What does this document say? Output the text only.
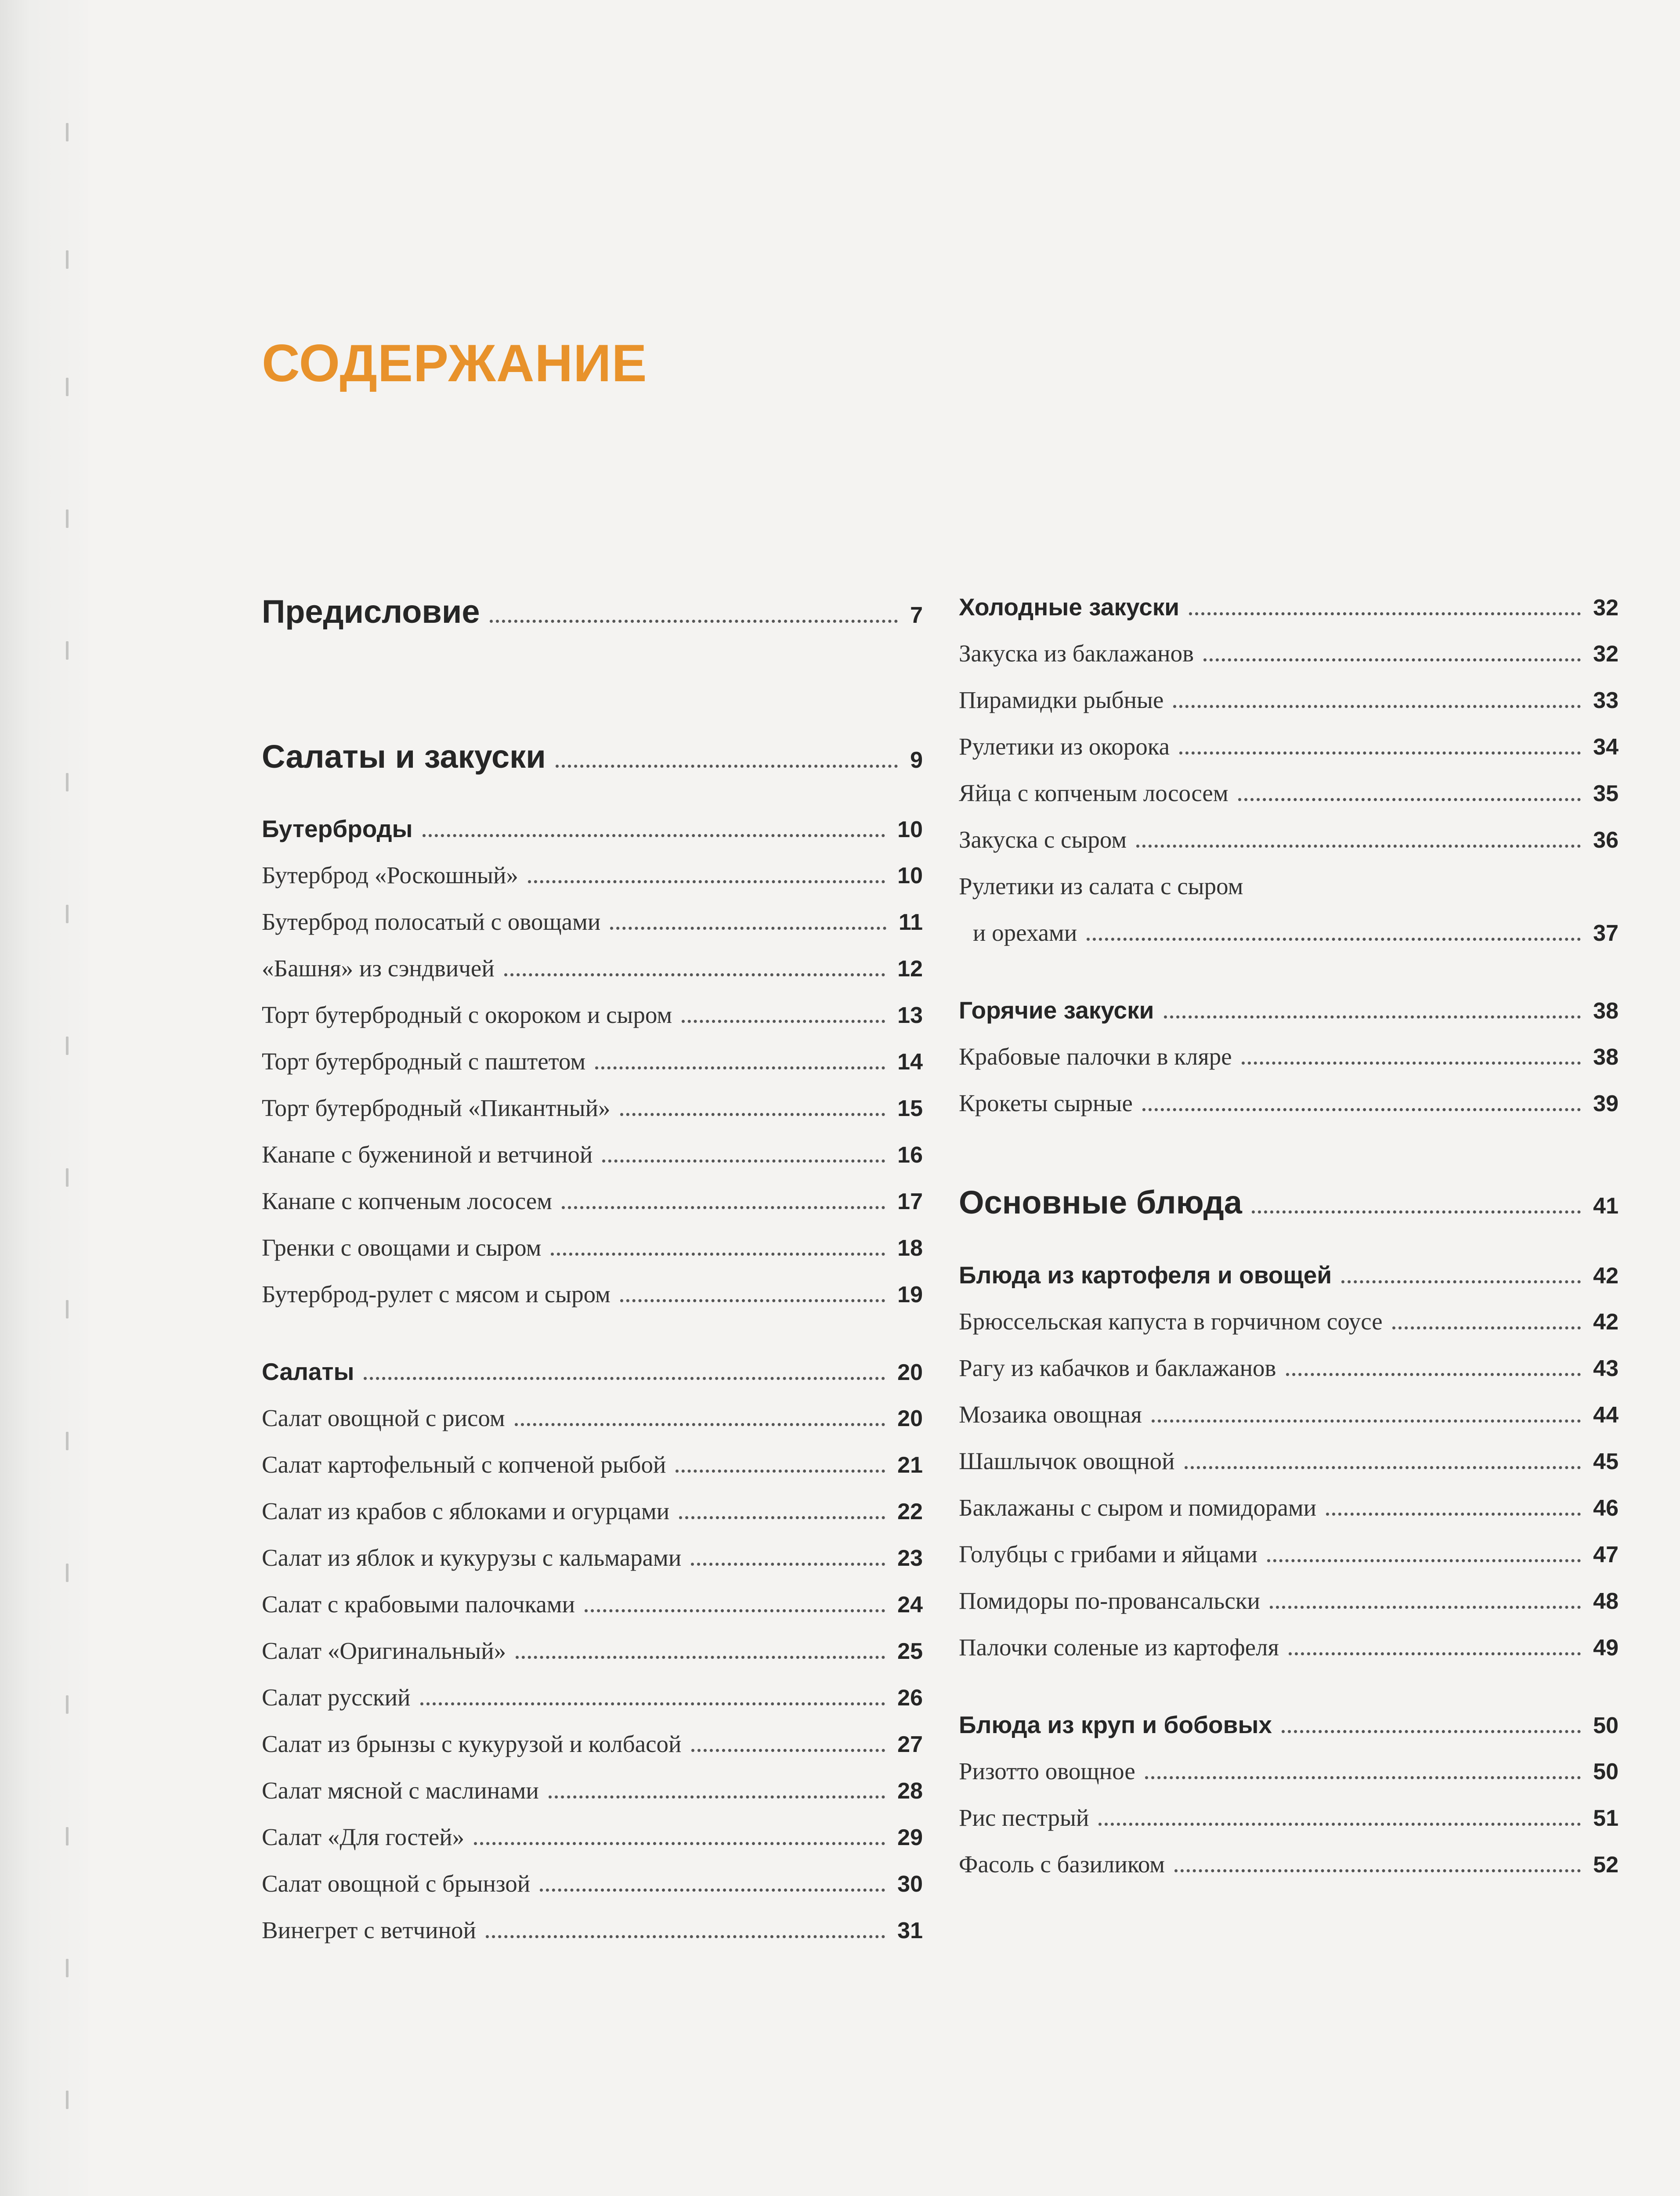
СОДЕРЖАНИЕ
Предисловие	7
Салаты и закуски	9
Бутерброды	10
Бутерброд «Роскошный»	10
Бутерброд полосатый с овощами	11
«Башня» из сэндвичей	12
Торт бутербродный с окороком и сыром	13
Торт бутербродный с паштетом	14
Торт бутербродный «Пикантный»	15
Канапе с бужениной и ветчиной	16
Канапе с копченым лососем	17
Гренки с овощами и сыром	18
Бутерброд-рулет с мясом и сыром	19
Салаты	20
Салат овощной с рисом	20
Салат картофельный с копченой рыбой	21
Салат из крабов с яблоками и огурцами	22
Салат из яблок и кукурузы с кальмарами	23
Салат с крабовыми палочками	24
Салат «Оригинальный»	25
Салат русский	26
Салат из брынзы с кукурузой и колбасой	27
Салат мясной с маслинами	28
Салат «Для гостей»	29
Салат овощной с брынзой	30
Винегрет с ветчиной	31
Холодные закуски	32
Закуска из баклажанов	32
Пирамидки рыбные	33
Рулетики из окорока	34
Яйца с копченым лососем	35
Закуска с сыром	36
Рулетики из салата с сыром
и орехами	37
Горячие закуски	38
Крабовые палочки в кляре	38
Крокеты сырные	39
Основные блюда	41
Блюда из картофеля и овощей	42
Брюссельская капуста в горчичном соусе	42
Рагу из кабачков и баклажанов	43
Мозаика овощная	44
Шашлычок овощной	45
Баклажаны с сыром и помидорами	46
Голубцы с грибами и яйцами	47
Помидоры по-провансальски	48
Палочки соленые из картофеля	49
Блюда из круп и бобовых	50
Ризотто овощное	50
Рис пестрый	51
Фасоль с базиликом	52
